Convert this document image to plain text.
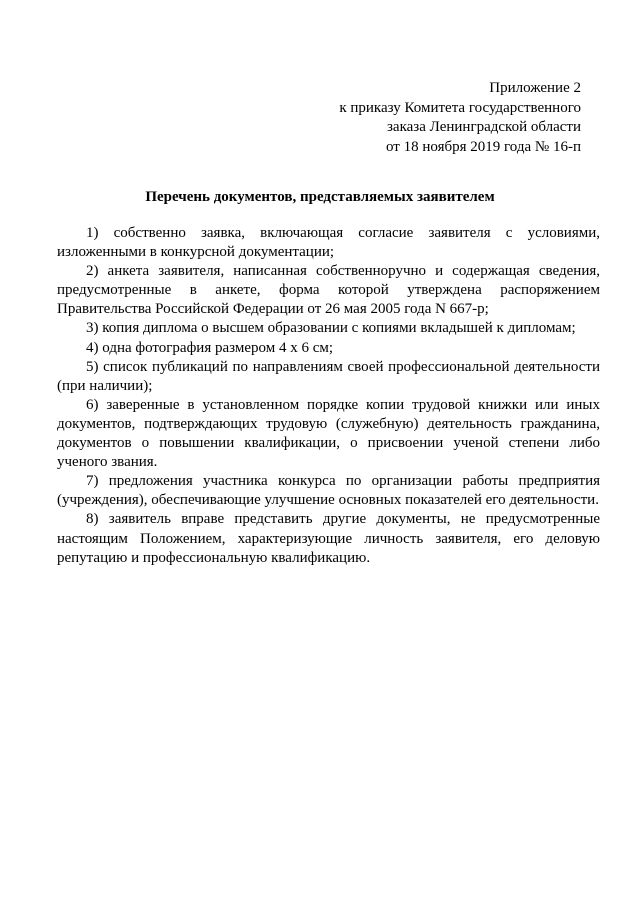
Приложение 2
к приказу Комитета государственного
заказа Ленинградской области
от 18 ноября 2019 года № 16-п
Перечень документов, представляемых заявителем

1) собственно заявка, включающая согласие заявителя с условиями, изложенными в конкурсной документации;

2) анкета заявителя, написанная собственноручно и содержащая сведения, предусмотренные в анкете, форма которой утверждена распоряжением Правительства Российской Федерации от 26 мая 2005 года N 667-р;

3) копия диплома о высшем образовании с копиями вкладышей к дипломам;

4) одна фотография размером 4 х 6 см;

5) список публикаций по направлениям своей профессиональной деятельности (при наличии);

6) заверенные в установленном порядке копии трудовой книжки или иных документов, подтверждающих трудовую (служебную) деятельность гражданина, документов о повышении квалификации, о присвоении ученой степени либо ученого звания.

7) предложения участника конкурса по организации работы предприятия (учреждения), обеспечивающие улучшение основных показателей его деятельности.

8) заявитель вправе представить другие документы, не предусмотренные настоящим Положением, характеризующие личность заявителя, его деловую репутацию и профессиональную квалификацию.
